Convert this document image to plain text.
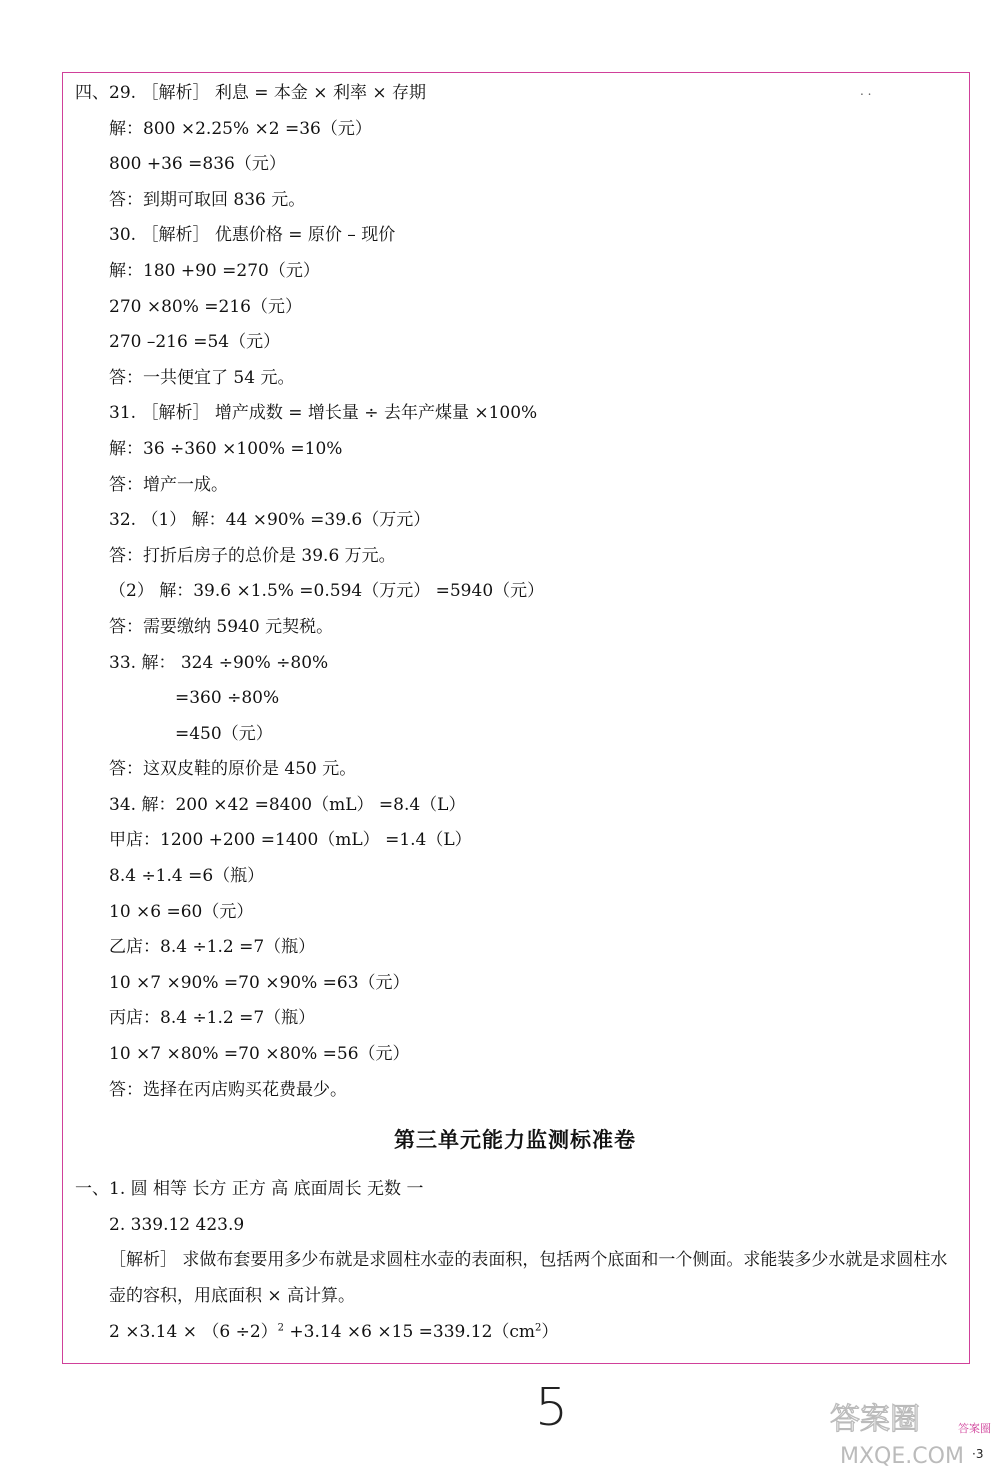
. .
四、29. ［解析］ 利息 = 本金 × 利率 × 存期
解：800 ×2.25% ×2 =36（元）
800 +36 =836（元）
答：到期可取回 836 元。
30. ［解析］ 优惠价格 = 原价 – 现价
解：180 +90 =270（元）
270 ×80% =216（元）
270 –216 =54（元）
答：一共便宜了 54 元。
31. ［解析］ 增产成数 = 增长量 ÷ 去年产煤量 ×100%
解：36 ÷360 ×100% =10%
答：增产一成。
32. （1） 解：44 ×90% =39.6（万元）
答：打折后房子的总价是 39.6 万元。
（2） 解：39.6 ×1.5% =0.594（万元） =5940（元）
答：需要缴纳 5940 元契税。
33. 解： 324 ÷90% ÷80%
=360 ÷80%
=450（元）
答：这双皮鞋的原价是 450 元。
34. 解：200 ×42 =8400（mL） =8.4（L）
甲店：1200 +200 =1400（mL） =1.4（L）
8.4 ÷1.4 =6（瓶）
10 ×6 =60（元）
乙店：8.4 ÷1.2 =7（瓶）
10 ×7 ×90% =70 ×90% =63（元）
丙店：8.4 ÷1.2 =7（瓶）
10 ×7 ×80% =70 ×80% =56（元）
答：选择在丙店购买花费最少。
第三单元能力监测标准卷
一、1. 圆 相等 长方 正方 高 底面周长 无数 一
2. 339.12 423.9
［解析］ 求做布套要用多少布就是求圆柱水壶的表面积，包括两个底面和一个侧面。求能装多少水就是求圆柱水壶的容积，用底面积 × 高计算。
$2 \times 3.14 \times (6 \div 2)^2 +3.14 \times 6 \times 15 =339.12(cm^2)$
5	答案圈
MXQE.COM
答案圈
·3
